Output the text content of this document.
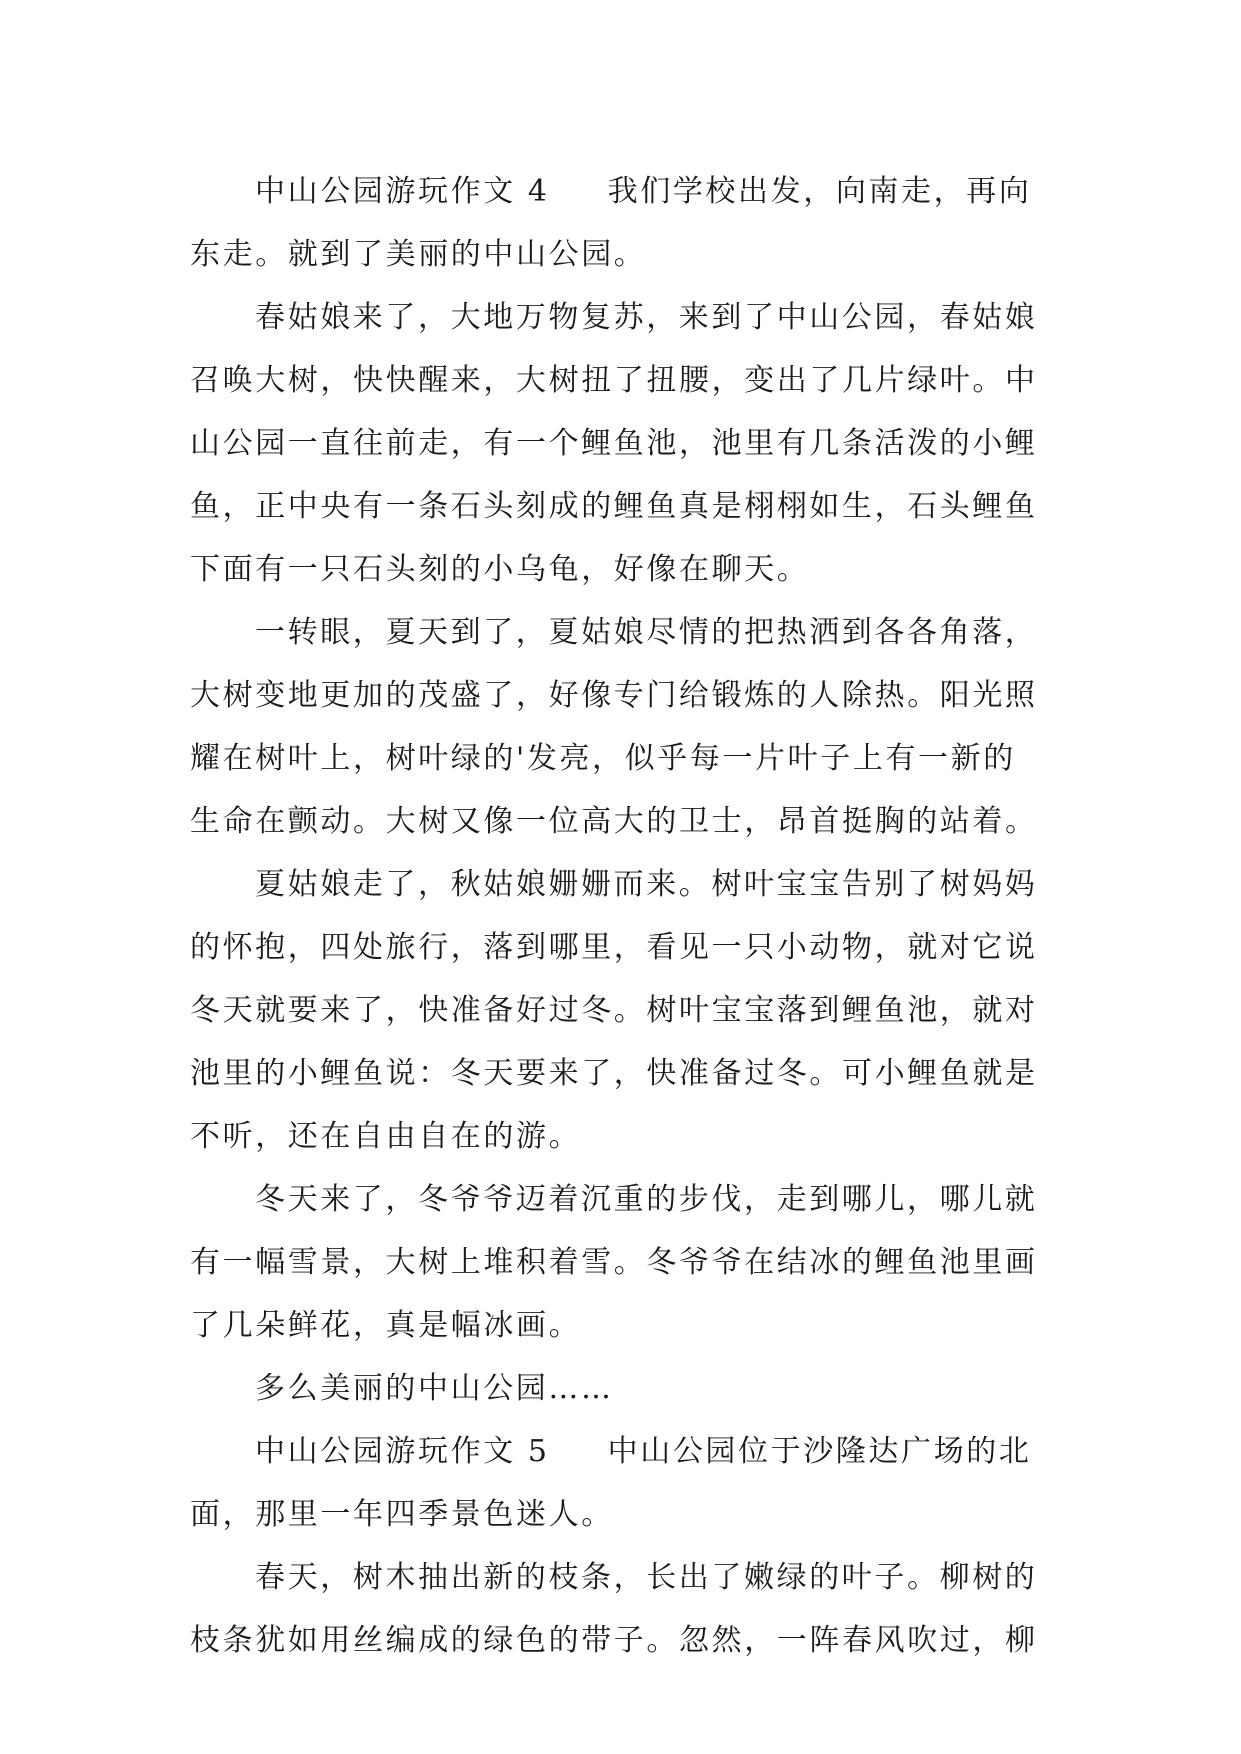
中山公园游玩作文 4 我们学校出发，向南走，再向
东走。就到了美丽的中山公园。
春姑娘来了，大地万物复苏，来到了中山公园，春姑娘
召唤大树，快快醒来，大树扭了扭腰，变出了几片绿叶。中
山公园一直往前走，有一个鲤鱼池，池里有几条活泼的小鲤
鱼，正中央有一条石头刻成的鲤鱼真是栩栩如生，石头鲤鱼
下面有一只石头刻的小乌龟，好像在聊天。
一转眼，夏天到了，夏姑娘尽情的把热洒到各各角落，
大树变地更加的茂盛了，好像专门给锻炼的人除热。阳光照
耀在树叶上，树叶绿的'发亮，似乎每一片叶子上有一新的
生命在颤动。大树又像一位高大的卫士，昂首挺胸的站着。
夏姑娘走了，秋姑娘姗姗而来。树叶宝宝告别了树妈妈
的怀抱，四处旅行，落到哪里，看见一只小动物，就对它说
冬天就要来了，快准备好过冬。树叶宝宝落到鲤鱼池，就对
池里的小鲤鱼说：冬天要来了，快准备过冬。可小鲤鱼就是
不听，还在自由自在的游。
冬天来了，冬爷爷迈着沉重的步伐，走到哪儿，哪儿就
有一幅雪景，大树上堆积着雪。冬爷爷在结冰的鲤鱼池里画
了几朵鲜花，真是幅冰画。
多么美丽的中山公园……
中山公园游玩作文 5 中山公园位于沙隆达广场的北
面，那里一年四季景色迷人。
春天，树木抽出新的枝条，长出了嫩绿的叶子。柳树的
枝条犹如用丝编成的绿色的带子。忽然，一阵春风吹过，柳
